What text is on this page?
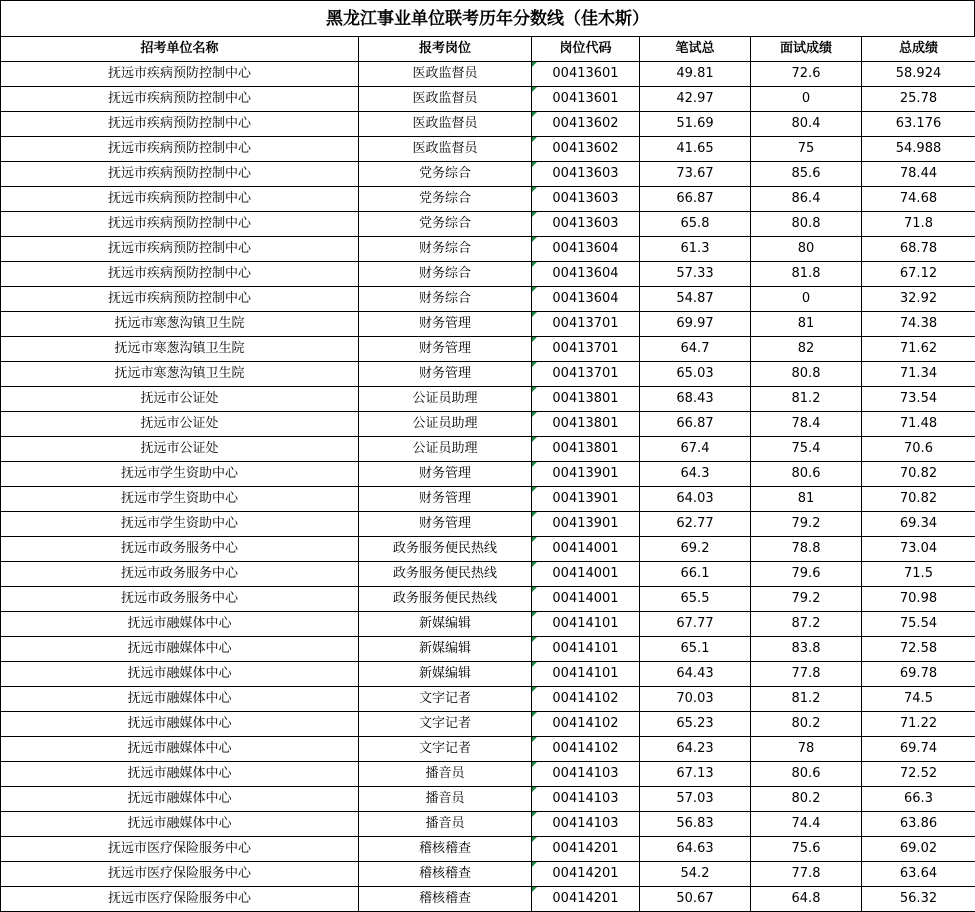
黑龙江事业单位联考历年分数线（佳木斯）
招考单位名称	报考岗位	岗位代码	笔试总	面试成绩	总成绩
抚远市疾病预防控制中心	医政监督员	00413601	49.81	72.6	58.924
抚远市疾病预防控制中心	医政监督员	00413601	42.97	0	25.78
抚远市疾病预防控制中心	医政监督员	00413602	51.69	80.4	63.176
抚远市疾病预防控制中心	医政监督员	00413602	41.65	75	54.988
抚远市疾病预防控制中心	党务综合	00413603	73.67	85.6	78.44
抚远市疾病预防控制中心	党务综合	00413603	66.87	86.4	74.68
抚远市疾病预防控制中心	党务综合	00413603	65.8	80.8	71.8
抚远市疾病预防控制中心	财务综合	00413604	61.3	80	68.78
抚远市疾病预防控制中心	财务综合	00413604	57.33	81.8	67.12
抚远市疾病预防控制中心	财务综合	00413604	54.87	0	32.92
抚远市寒葱沟镇卫生院	财务管理	00413701	69.97	81	74.38
抚远市寒葱沟镇卫生院	财务管理	00413701	64.7	82	71.62
抚远市寒葱沟镇卫生院	财务管理	00413701	65.03	80.8	71.34
抚远市公证处	公证员助理	00413801	68.43	81.2	73.54
抚远市公证处	公证员助理	00413801	66.87	78.4	71.48
抚远市公证处	公证员助理	00413801	67.4	75.4	70.6
抚远市学生资助中心	财务管理	00413901	64.3	80.6	70.82
抚远市学生资助中心	财务管理	00413901	64.03	81	70.82
抚远市学生资助中心	财务管理	00413901	62.77	79.2	69.34
抚远市政务服务中心	政务服务便民热线	00414001	69.2	78.8	73.04
抚远市政务服务中心	政务服务便民热线	00414001	66.1	79.6	71.5
抚远市政务服务中心	政务服务便民热线	00414001	65.5	79.2	70.98
抚远市融媒体中心	新媒编辑	00414101	67.77	87.2	75.54
抚远市融媒体中心	新媒编辑	00414101	65.1	83.8	72.58
抚远市融媒体中心	新媒编辑	00414101	64.43	77.8	69.78
抚远市融媒体中心	文字记者	00414102	70.03	81.2	74.5
抚远市融媒体中心	文字记者	00414102	65.23	80.2	71.22
抚远市融媒体中心	文字记者	00414102	64.23	78	69.74
抚远市融媒体中心	播音员	00414103	67.13	80.6	72.52
抚远市融媒体中心	播音员	00414103	57.03	80.2	66.3
抚远市融媒体中心	播音员	00414103	56.83	74.4	63.86
抚远市医疗保险服务中心	稽核稽查	00414201	64.63	75.6	69.02
抚远市医疗保险服务中心	稽核稽查	00414201	54.2	77.8	63.64
抚远市医疗保险服务中心	稽核稽查	00414201	50.67	64.8	56.32
